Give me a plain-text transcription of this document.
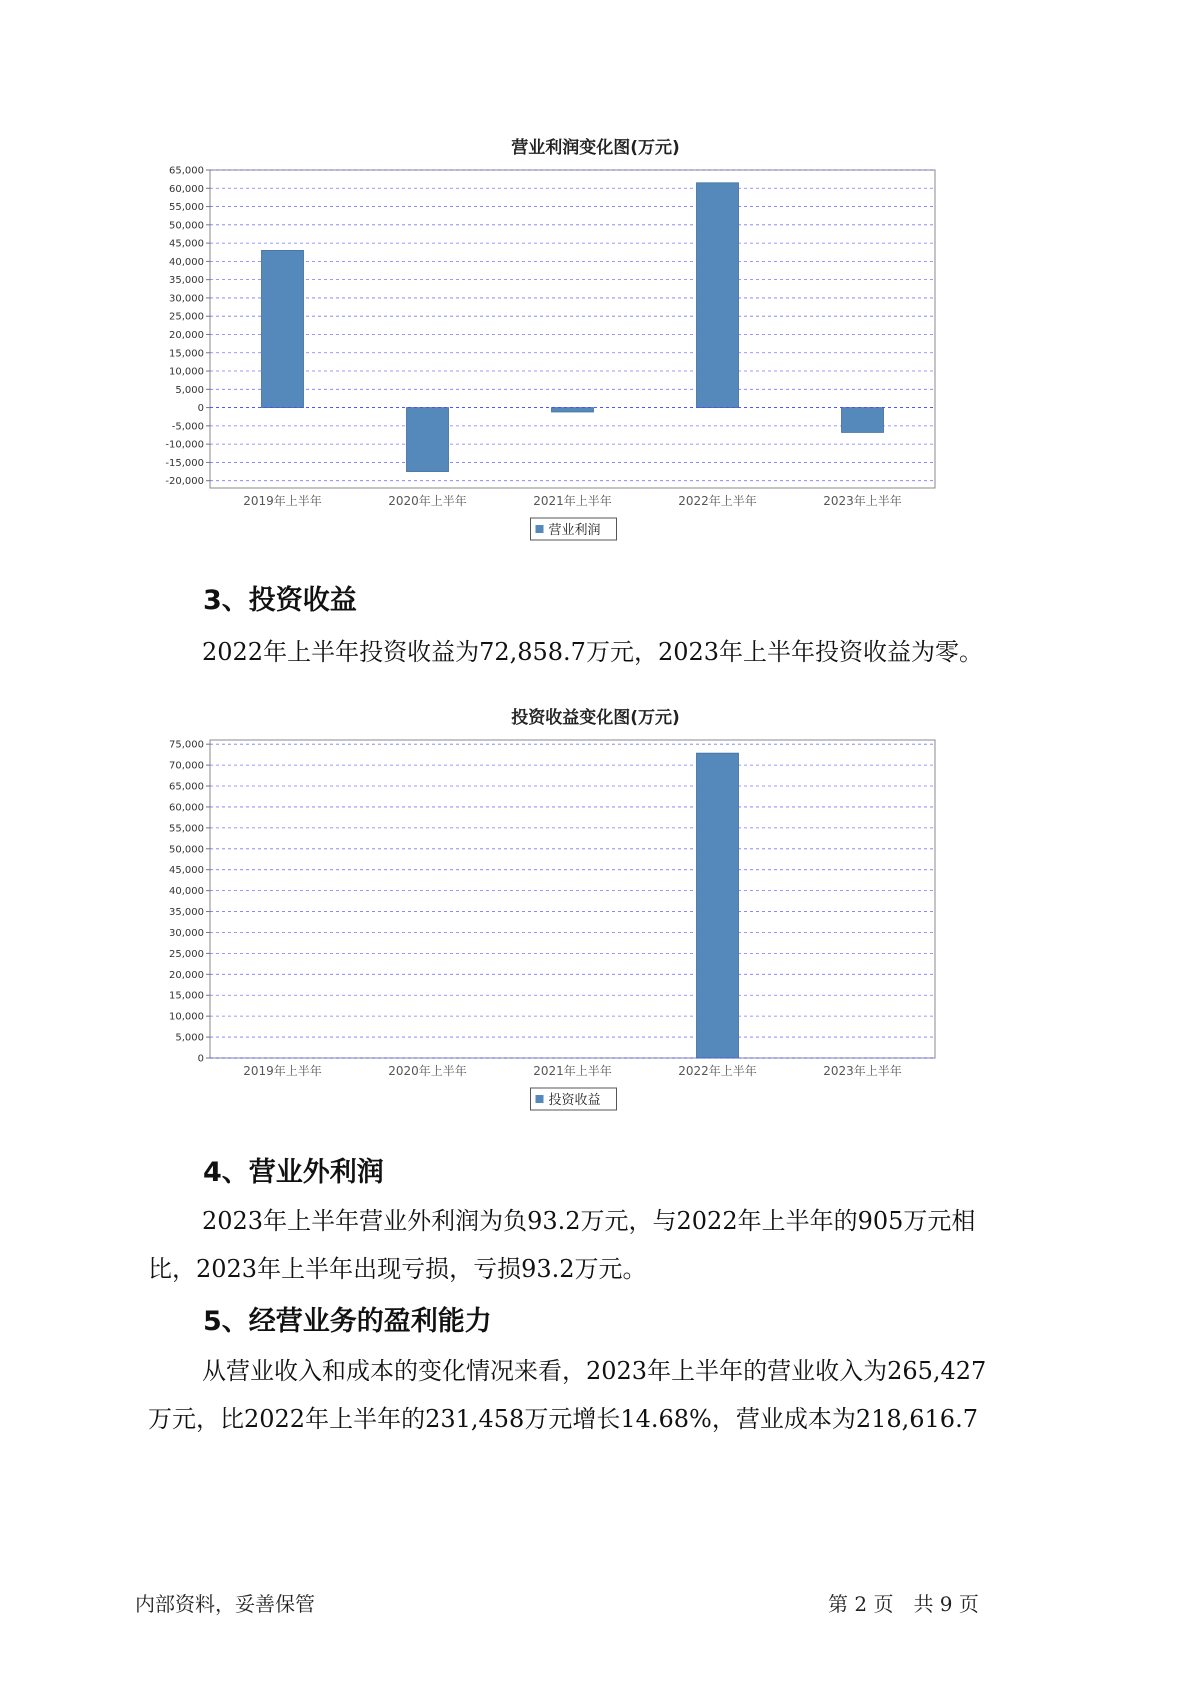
营业利润变化图(万元)
65,000
60,000
55,000
50,000
45,000
40,000
35,000
30,000
25,000
20,000
15,000
10,000
5,000
0
-5,000
-10,000
-15,000
-20,000
2019年上半年	2020年上半年	2021年上半年	2022年上半年	2023年上半年
营业利润
3、投资收益

2022年上半年投资收益为72,858.7万元，2023年上半年投资收益为零。

投资收益变化图(万元)
75,000
70,000
65,000
60,000
55,000
50,000
45,000
40,000
35,000
30,000
25,000
20,000
15,000
10,000
5,000
0
2019年上半年	2020年上半年	2021年上半年	2022年上半年	2023年上半年
投资收益
4、营业外利润

2023年上半年营业外利润为负93.2万元，与2022年上半年的905万元相
比，2023年上半年出现亏损，亏损93.2万元。

5、经营业务的盈利能力

从营业收入和成本的变化情况来看，2023年上半年的营业收入为265,427
万元，比2022年上半年的231,458万元增长14.68%，营业成本为218,616.7

内部资料，妥善保管	第 2 页　共 9 页
